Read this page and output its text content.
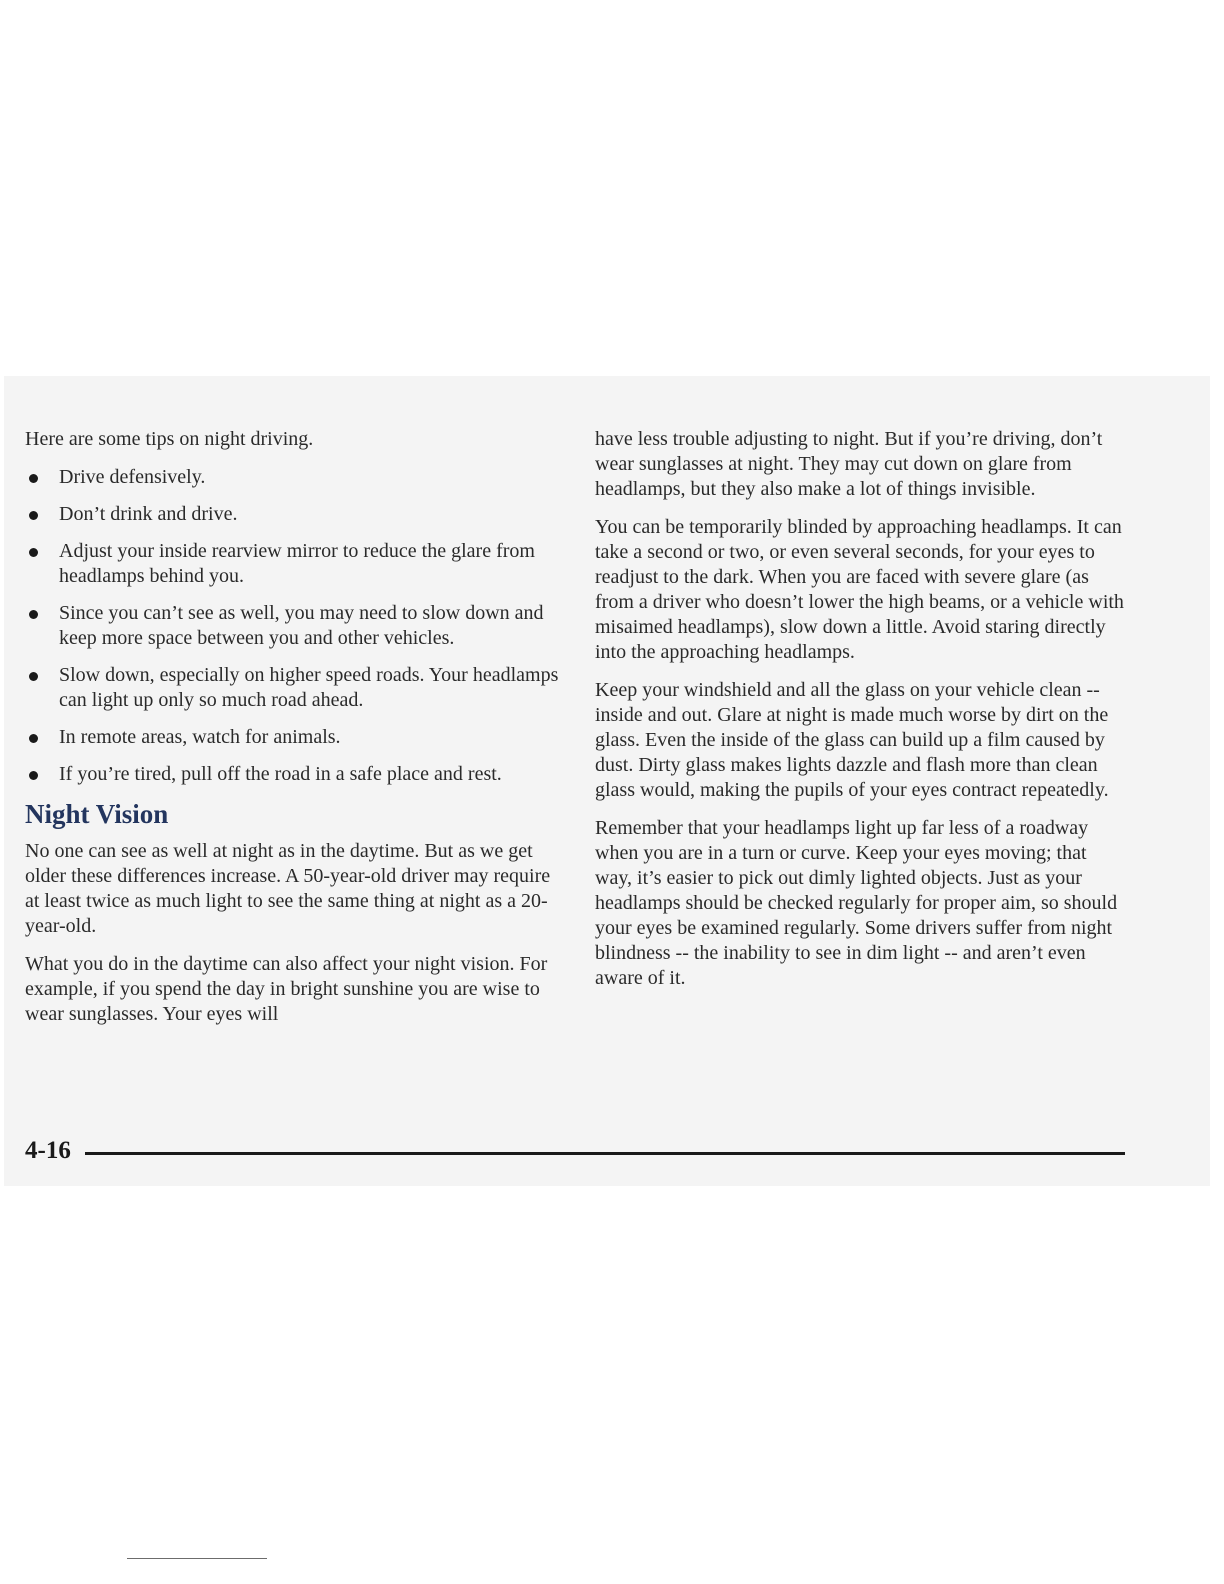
Here are some tips on night driving.

Drive defensively.
Don’t drink and drive.
Adjust your inside rearview mirror to reduce the glare from headlamps behind you.
Since you can’t see as well, you may need to slow down and keep more space between you and other vehicles.
Slow down, especially on higher speed roads. Your headlamps can light up only so much road ahead.
In remote areas, watch for animals.
If you’re tired, pull off the road in a safe place and rest.
Night Vision

No one can see as well at night as in the daytime. But as we get older these differences increase. A 50-year-old driver may require at least twice as much light to see the same thing at night as a 20-year-old.

What you do in the daytime can also affect your night vision. For example, if you spend the day in bright sunshine you are wise to wear sunglasses. Your eyes will

have less trouble adjusting to night. But if you’re driving, don’t wear sunglasses at night. They may cut down on glare from headlamps, but they also make a lot of things invisible.

You can be temporarily blinded by approaching headlamps. It can take a second or two, or even several seconds, for your eyes to readjust to the dark. When you are faced with severe glare (as from a driver who doesn’t lower the high beams, or a vehicle with misaimed headlamps), slow down a little. Avoid staring directly into the approaching headlamps.

Keep your windshield and all the glass on your vehicle clean -- inside and out. Glare at night is made much worse by dirt on the glass. Even the inside of the glass can build up a film caused by dust. Dirty glass makes lights dazzle and flash more than clean glass would, making the pupils of your eyes contract repeatedly.

Remember that your headlamps light up far less of a roadway when you are in a turn or curve. Keep your eyes moving; that way, it’s easier to pick out dimly lighted objects. Just as your headlamps should be checked regularly for proper aim, so should your eyes be examined regularly. Some drivers suffer from night blindness -- the inability to see in dim light -- and aren’t even aware of it.

4-16
